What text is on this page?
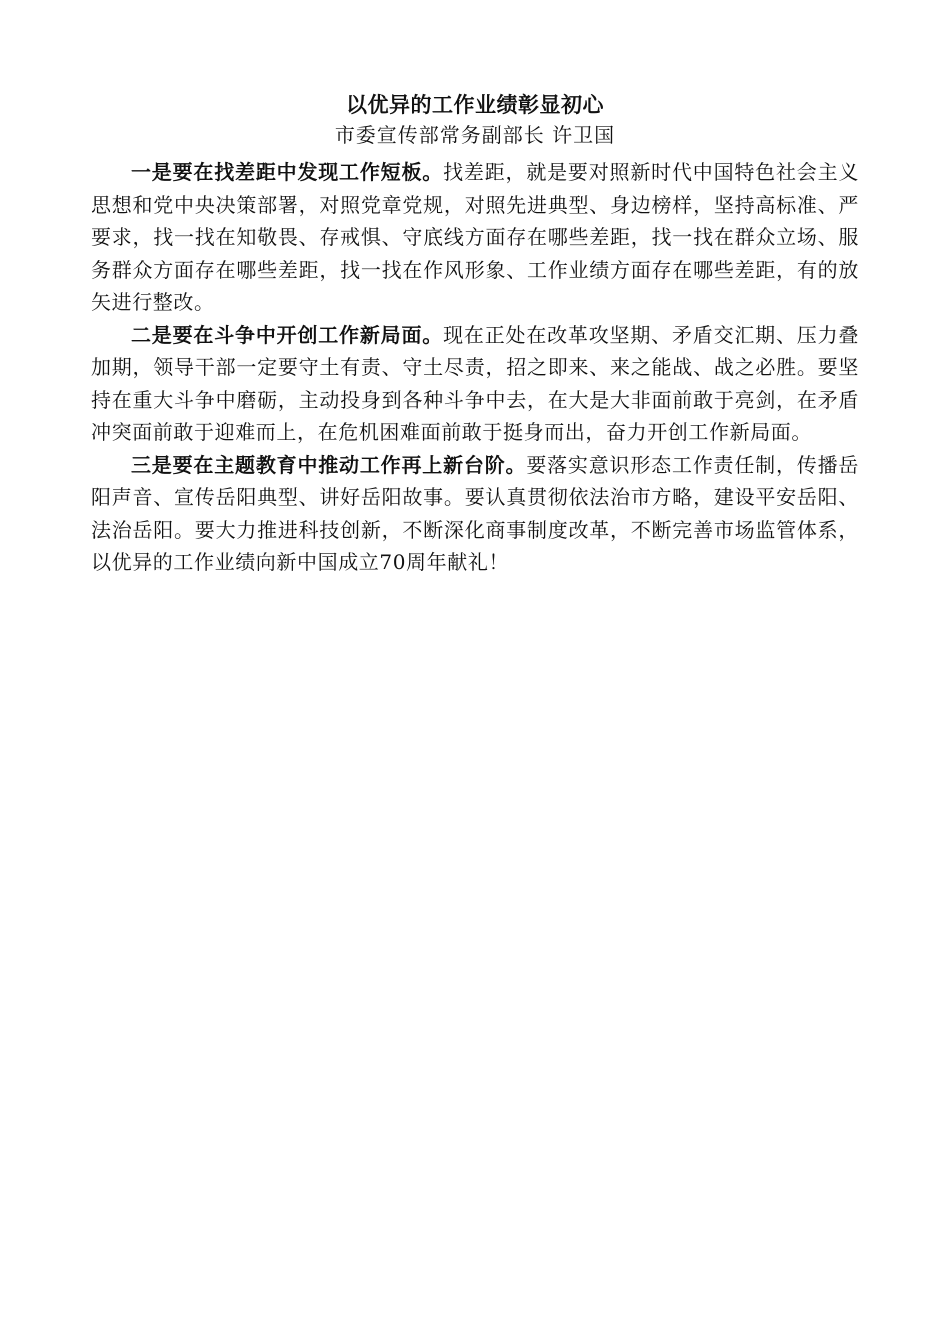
以优异的工作业绩彰显初心

市委宣传部常务副部长 许卫国

一是要在找差距中发现工作短板。找差距，就是要对照新时代中国特色社会主义思想和党中央决策部署，对照党章党规，对照先进典型、身边榜样，坚持高标准、严要求，找一找在知敬畏、存戒惧、守底线方面存在哪些差距，找一找在群众立场、服务群众方面存在哪些差距，找一找在作风形象、工作业绩方面存在哪些差距，有的放矢进行整改。

二是要在斗争中开创工作新局面。现在正处在改革攻坚期、矛盾交汇期、压力叠加期，领导干部一定要守土有责、守土尽责，招之即来、来之能战、战之必胜。要坚持在重大斗争中磨砺，主动投身到各种斗争中去，在大是大非面前敢于亮剑，在矛盾冲突面前敢于迎难而上，在危机困难面前敢于挺身而出，奋力开创工作新局面。

三是要在主题教育中推动工作再上新台阶。要落实意识形态工作责任制，传播岳阳声音、宣传岳阳典型、讲好岳阳故事。要认真贯彻依法治市方略，建设平安岳阳、法治岳阳。要大力推进科技创新，不断深化商事制度改革，不断完善市场监管体系，以优异的工作业绩向新中国成立70周年献礼！
